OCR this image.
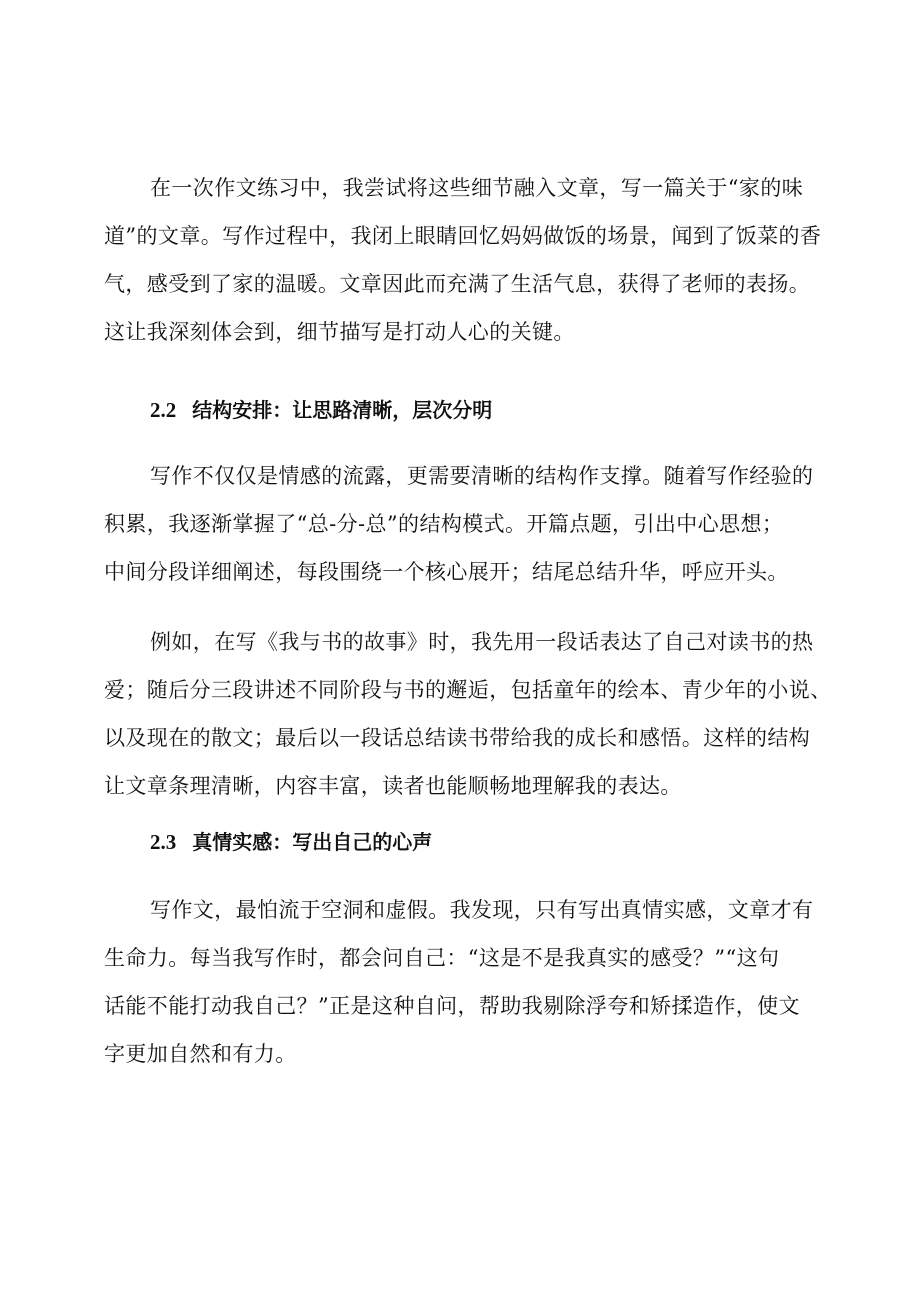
在一次作文练习中，我尝试将这些细节融入文章，写一篇关于“家的味
道”的文章。写作过程中，我闭上眼睛回忆妈妈做饭的场景，闻到了饭菜的香
气，感受到了家的温暖。文章因此而充满了生活气息，获得了老师的表扬。
这让我深刻体会到，细节描写是打动人心的关键。
2.2 结构安排：让思路清晰，层次分明
写作不仅仅是情感的流露，更需要清晰的结构作支撑。随着写作经验的
积累，我逐渐掌握了“总-分-总”的结构模式。开篇点题，引出中心思想；
中间分段详细阐述，每段围绕一个核心展开；结尾总结升华，呼应开头。
例如，在写《我与书的故事》时，我先用一段话表达了自己对读书的热
爱；随后分三段讲述不同阶段与书的邂逅，包括童年的绘本、青少年的小说、
以及现在的散文；最后以一段话总结读书带给我的成长和感悟。这样的结构
让文章条理清晰，内容丰富，读者也能顺畅地理解我的表达。
2.3 真情实感：写出自己的心声
写作文，最怕流于空洞和虚假。我发现，只有写出真情实感，文章才有
生命力。每当我写作时，都会问自己：“这是不是我真实的感受？”“这句
话能不能打动我自己？”正是这种自问，帮助我剔除浮夸和矫揉造作，使文
字更加自然和有力。
